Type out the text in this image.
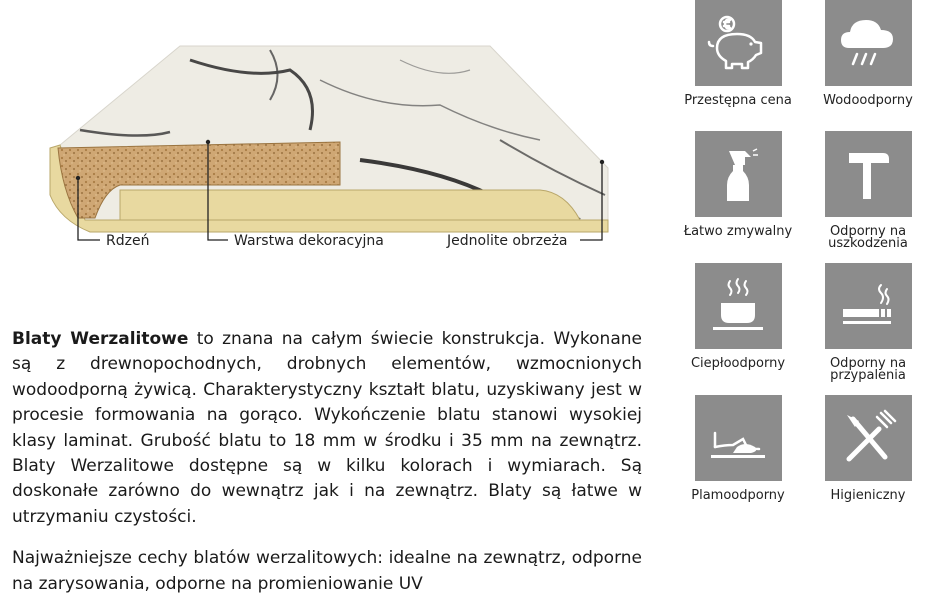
Rdzeń	Warstwa dekoracyjna	Jednolite obrzeża

Blaty Werzalitowe to znana na całym świecie konstrukcja. Wykonane są z drewnopochodnych, drobnych elementów, wzmocnionych wodoodporną żywicą. Charakterystyczny kształt blatu, uzyskiwany jest w procesie formowania na gorąco. Wykończenie blatu stanowi wysokiej klasy laminat. Grubość blatu to 18 mm w środku i 35 mm na zewnątrz. Blaty Werzalitowe dostępne są w kilku kolorach i wymiarach. Są doskonałe zarówno do wewnątrz jak i na zewnątrz. Blaty są łatwe w utrzymaniu czystości.

Najważniejsze cechy blatów werzalitowych: idealne na zewnątrz, odporne na zarysowania, odporne na promieniowanie UV

Przestępna cena	Wodoodporny
Łatwo zmywalny	Odporny na uszkodzenia
Ciepłoodporny	Odporny na przypalenia
Plamoodporny	Higieniczny
